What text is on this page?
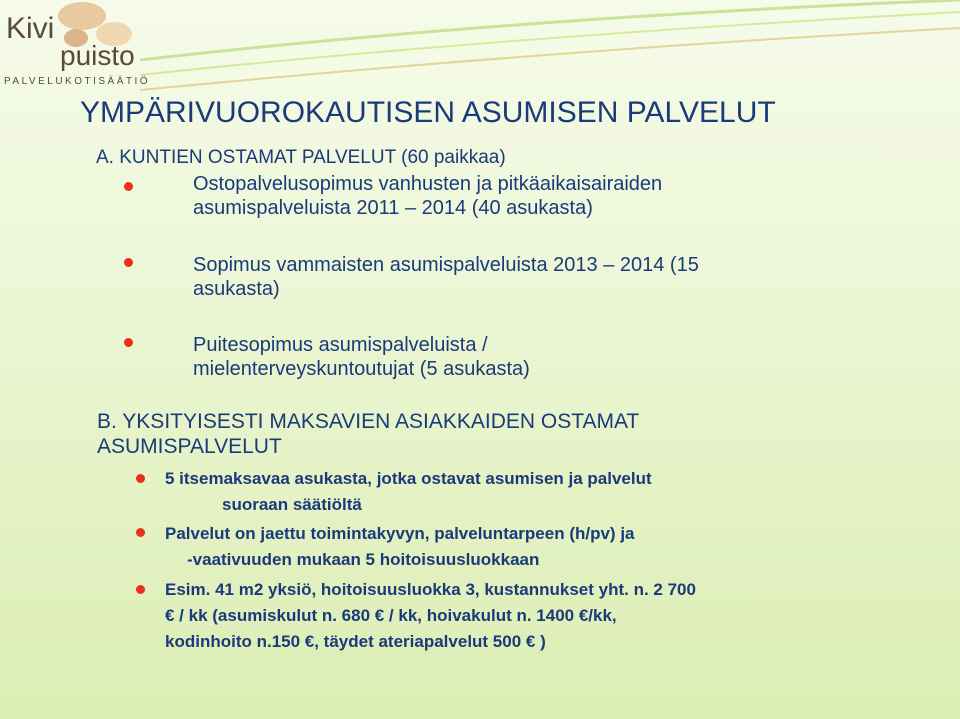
Kivi
puisto
PALVELUKOTISÄÄTIÖ
YMPÄRIVUOROKAUTISEN ASUMISEN PALVELUT
A. KUNTIEN OSTAMAT PALVELUT (60 paikkaa)
Ostopalvelusopimus vanhusten ja pitkäaikaisairaiden
asumispalveluista 2011 – 2014 (40 asukasta)
Sopimus vammaisten asumispalveluista 2013 – 2014 (15
asukasta)
Puitesopimus asumispalveluista /
mielenterveyskuntoutujat (5 asukasta)
B. YKSITYISESTI MAKSAVIEN ASIAKKAIDEN OSTAMAT
ASUMISPALVELUT
5 itsemaksavaa asukasta, jotka ostavat asumisen ja palvelut
suoraan säätiöltä
Palvelut on jaettu toimintakyvyn, palveluntarpeen (h/pv) ja
-vaativuuden mukaan 5 hoitoisuusluokkaan
Esim. 41 m2 yksiö, hoitoisuusluokka 3, kustannukset yht. n. 2 700
€ / kk (asumiskulut n. 680 € / kk, hoivakulut n. 1400 €/kk,
kodinhoito n.150 €, täydet ateriapalvelut 500 € )
